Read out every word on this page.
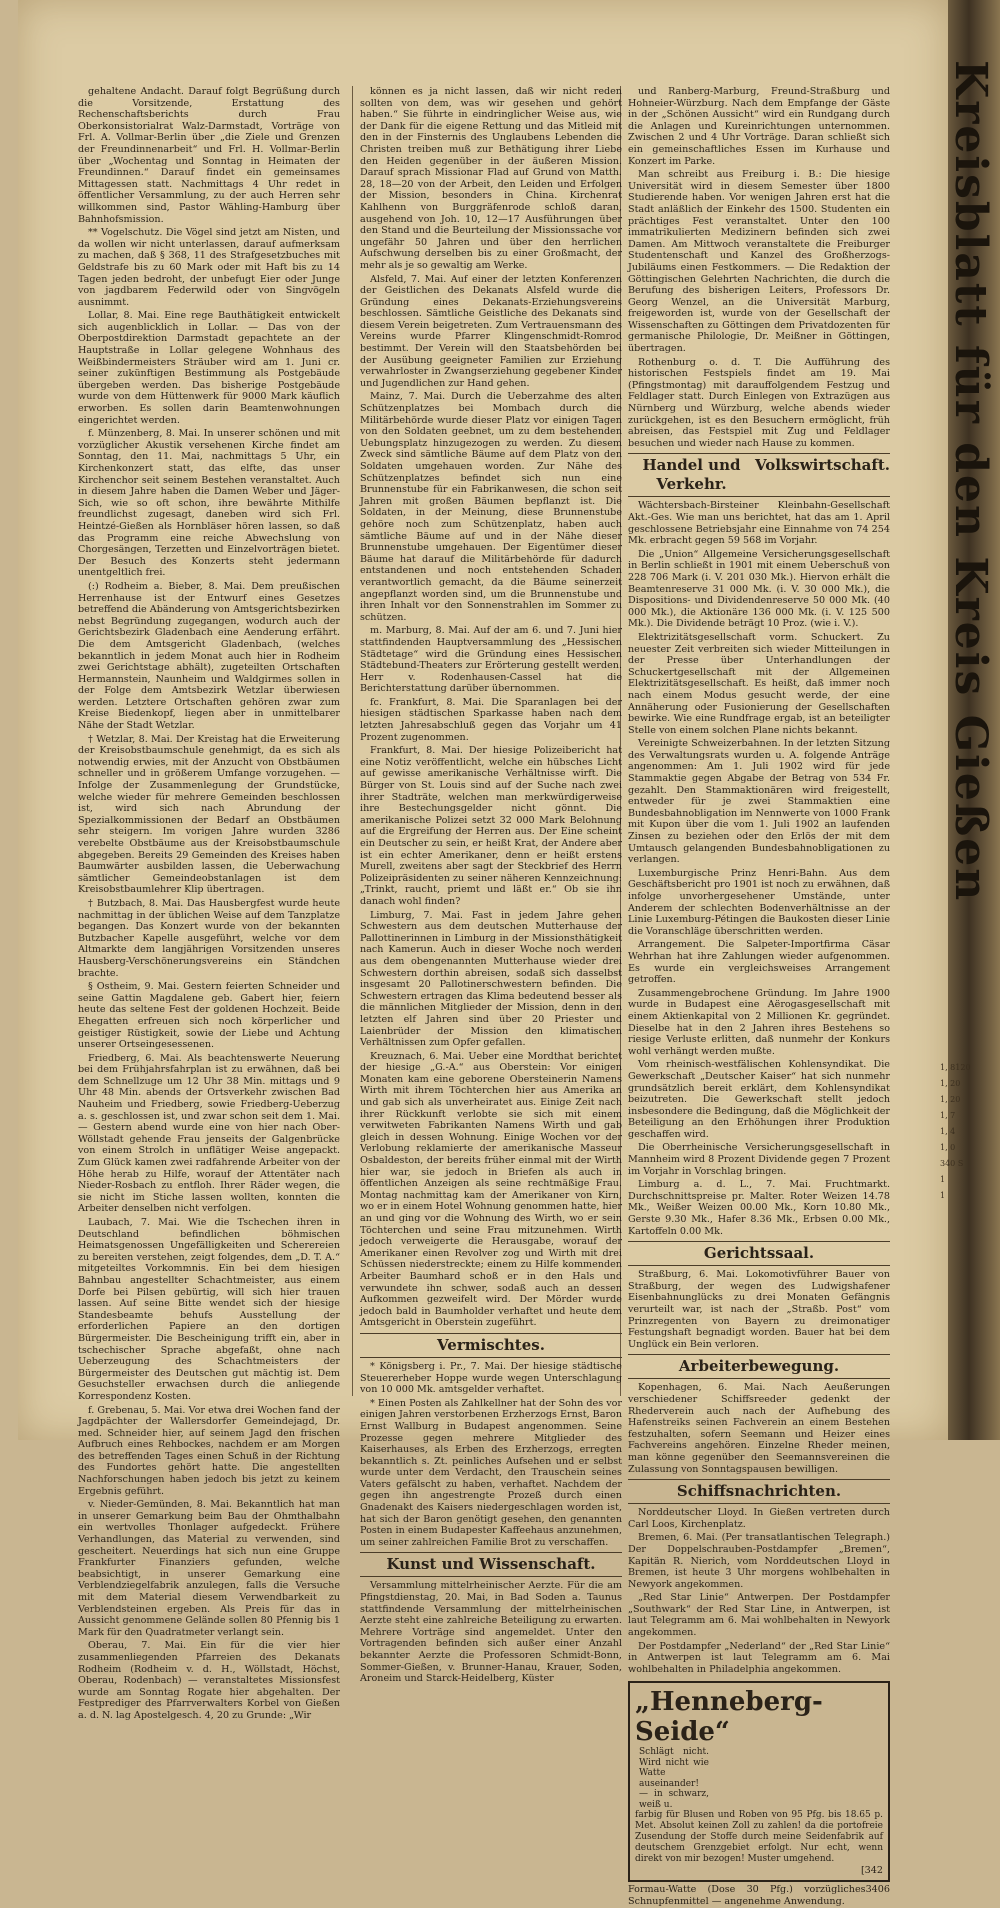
Kreisblatt für den Kreis Gießen

gehaltene Andacht. Darauf folgt Begrüßung durch die Vorsitzende, Erstattung des Rechenschaftsberichts durch Frau Oberkonsistorialrat Walz-Darmstadt, Vorträge von Frl. A. Vollmar-Berlin über „die Ziele und Grenzen der Freundinnenarbeit“ und Frl. H. Vollmar-Berlin über „Wochentag und Sonntag in Heimaten der Freundinnen.“ Darauf findet ein gemeinsames Mittagessen statt. Nachmittags 4 Uhr redet in öffentlicher Versammlung, zu der auch Herren sehr willkommen sind, Pastor Wähling-Hamburg über Bahnhofsmission.

** Vogelschutz. Die Vögel sind jetzt am Nisten, und da wollen wir nicht unterlassen, darauf aufmerksam zu machen, daß § 368, 11 des Strafgesetzbuches mit Geldstrafe bis zu 60 Mark oder mit Haft bis zu 14 Tagen jeden bedroht, der unbefugt Eier oder Junge von jagdbarem Federwild oder von Singvögeln ausnimmt.

Lollar, 8. Mai. Eine rege Bauthätigkeit entwickelt sich augenblicklich in Lollar. — Das von der Oberpostdirektion Darmstadt gepachtete an der Hauptstraße in Lollar gelegene Wohnhaus des Weißbindermeisters Sträuber wird am 1. Juni cr. seiner zukünftigen Bestimmung als Postgebäude übergeben werden. Das bisherige Postgebäude wurde von dem Hüttenwerk für 9000 Mark käuflich erworben. Es sollen darin Beamtenwohnungen eingerichtet werden.

f. Münzenberg, 8. Mai. In unserer schönen und mit vorzüglicher Akustik versehenen Kirche findet am Sonntag, den 11. Mai, nachmittags 5 Uhr, ein Kirchenkonzert statt, das elfte, das unser Kirchenchor seit seinem Bestehen veranstaltet. Auch in diesem Jahre haben die Damen Weber und Jäger-Sich, wie so oft schon, ihre bewährte Mithilfe freundlichst zugesagt, daneben wird sich Frl. Heintzé-Gießen als Hornbläser hören lassen, so daß das Programm eine reiche Abwechslung von Chorgesängen, Terzetten und Einzelvorträgen bietet. Der Besuch des Konzerts steht jedermann unentgeltlich frei.

(:) Rodheim a. Bieber, 8. Mai. Dem preußischen Herrenhause ist der Entwurf eines Gesetzes betreffend die Abänderung von Amtsgerichtsbezirken nebst Begründung zugegangen, wodurch auch der Gerichtsbezirk Gladenbach eine Aenderung erfährt. Die dem Amtsgericht Gladenbach, (welches bekanntlich in jedem Monat auch hier in Rodheim zwei Gerichtstage abhält), zugeteilten Ortschaften Hermannstein, Naunheim und Waldgirmes sollen in der Folge dem Amtsbezirk Wetzlar überwiesen werden. Letztere Ortschaften gehören zwar zum Kreise Biedenkopf, liegen aber in unmittelbarer Nähe der Stadt Wetzlar.

† Wetzlar, 8. Mai. Der Kreistag hat die Erweiterung der Kreisobstbaumschule genehmigt, da es sich als notwendig erwies, mit der Anzucht von Obstbäumen schneller und in größerem Umfange vorzugehen. — Infolge der Zusammenlegung der Grundstücke, welche wieder für mehrere Gemeinden beschlossen ist, wird sich nach Abrundung der Spezialkommissionen der Bedarf an Obstbäumen sehr steigern. Im vorigen Jahre wurden 3286 verebelte Obstbäume aus der Kreisobstbaumschule abgegeben. Bereits 29 Gemeinden des Kreises haben Baumwärter ausbilden lassen, die Ueberwachung sämtlicher Gemeindeobstanlagen ist dem Kreisobstbaumlehrer Klip übertragen.

† Butzbach, 8. Mai. Das Hausbergfest wurde heute nachmittag in der üblichen Weise auf dem Tanzplatze begangen. Das Konzert wurde von der bekannten Butzbacher Kapelle ausgeführt, welche vor dem Altmarkte dem langjährigen Vorsitzenden unseres Hausberg-Verschönerungsvereins ein Ständchen brachte.

§ Ostheim, 9. Mai. Gestern feierten Schneider und seine Gattin Magdalene geb. Gabert hier, feiern heute das seltene Fest der goldenen Hochzeit. Beide Ehegatten erfreuen sich noch körperlicher und geistiger Rüstigkeit, sowie der Liebe und Achtung unserer Ortseingesessenen.

Friedberg, 6. Mai. Als beachtenswerte Neuerung bei dem Frühjahrsfahrplan ist zu erwähnen, daß bei dem Schnellzuge um 12 Uhr 38 Min. mittags und 9 Uhr 48 Min. abends der Ortsverkehr zwischen Bad Nauheim und Friedberg, sowie Friedberg-Ueberzug a. s. geschlossen ist, und zwar schon seit dem 1. Mai. — Gestern abend wurde eine von hier nach Ober-Wöllstadt gehende Frau jenseits der Galgenbrücke von einem Strolch in unflätiger Weise angepackt. Zum Glück kamen zwei radfahrende Arbeiter von der Höhe herab zu Hilfe, worauf der Attentäter nach Nieder-Rosbach zu entfloh. Ihrer Räder wegen, die sie nicht im Stiche lassen wollten, konnten die Arbeiter denselben nicht verfolgen.

Laubach, 7. Mai. Wie die Tschechen ihren in Deutschland befindlichen böhmischen Heimatsgenossen Ungefälligkeiten und Scherereien zu bereiten verstehen, zeigt folgendes, dem „D. T. A.“ mitgeteiltes Vorkommnis. Ein bei dem hiesigen Bahnbau angestellter Schachtmeister, aus einem Dorfe bei Pilsen gebürtig, will sich hier trauen lassen. Auf seine Bitte wendet sich der hiesige Standesbeamte behufs Ausstellung der erforderlichen Papiere an den dortigen Bürgermeister. Die Bescheinigung trifft ein, aber in tschechischer Sprache abgefaßt, ohne nach Ueberzeugung des Schachtmeisters der Bürgermeister des Deutschen gut mächtig ist. Dem Gesuchsteller erwachsen durch die anliegende Korrespondenz Kosten.

f. Grebenau, 5. Mai. Vor etwa drei Wochen fand der Jagdpächter der Wallersdorfer Gemeindejagd, Dr. med. Schneider hier, auf seinem Jagd den frischen Aufbruch eines Rehbockes, nachdem er am Morgen des betreffenden Tages einen Schuß in der Richtung des Fundortes gehört hatte. Die angestellten Nachforschungen haben jedoch bis jetzt zu keinem Ergebnis geführt.

v. Nieder-Gemünden, 8. Mai. Bekanntlich hat man in unserer Gemarkung beim Bau der Ohmthalbahn ein wertvolles Thonlager aufgedeckt. Frühere Verhandlungen, das Material zu verwenden, sind gescheitert. Neuerdings hat sich nun eine Gruppe Frankfurter Finanziers gefunden, welche beabsichtigt, in unserer Gemarkung eine Verblendziegelfabrik anzulegen, falls die Versuche mit dem Material diesem Verwendbarkeit zu Verblendsteinen ergeben. Als Preis für das in Aussicht genommene Gelände sollen 80 Pfennig bis 1 Mark für den Quadratmeter verlangt sein.

Oberau, 7. Mai. Ein für die vier hier zusammenliegenden Pfarreien des Dekanats Rodheim (Rodheim v. d. H., Wöllstadt, Höchst, Oberau, Rodenbach) — veranstaltetes Missionsfest wurde am Sonntag Rogate hier abgehalten. Der Festprediger des Pfarrverwalters Korbel von Gießen a. d. N. lag Apostelgesch. 4, 20 zu Grunde: „Wir

können es ja nicht lassen, daß wir nicht reden sollten von dem, was wir gesehen und gehört haben.“ Sie führte in eindringlicher Weise aus, wie der Dank für die eigene Rettung und das Mitleid mit den in der Finsternis des Unglaubens Lebenden die Christen treiben muß zur Bethätigung ihrer Liebe den Heiden gegenüber in der äußeren Mission. Darauf sprach Missionar Flad auf Grund von Matth. 28, 18—20 von der Arbeit, den Leiden und Erfolgen der Mission, besonders in China. Kirchenrat Kahlhenn von Burggräfenrode schloß daran, ausgehend von Joh. 10, 12—17 Ausführungen über den Stand und die Beurteilung der Missionssache vor ungefähr 50 Jahren und über den herrlichen Aufschwung derselben bis zu einer Großmacht, der mehr als je so gewaltig am Werke.

Alsfeld, 7. Mai. Auf einer der letzten Konferenzen der Geistlichen des Dekanats Alsfeld wurde die Gründung eines Dekanats-Erziehungsvereins beschlossen. Sämtliche Geistliche des Dekanats sind diesem Verein beigetreten. Zum Vertrauensmann des Vereins wurde Pfarrer Klingenschmidt-Romrod bestimmt. Der Verein will den Staatsbehörden bei der Ausübung geeigneter Familien zur Erziehung verwahrloster in Zwangserziehung gegebener Kinder und Jugendlichen zur Hand gehen.

Mainz, 7. Mai. Durch die Ueberzahme des alten Schützenplatzes bei Mombach durch die Militärbehörde wurde dieser Platz vor einigen Tagen von den Soldaten geebnet, um zu dem bestehenden Uebungsplatz hinzugezogen zu werden. Zu diesem Zweck sind sämtliche Bäume auf dem Platz von den Soldaten umgehauen worden. Zur Nähe des Schützenplatzes befindet sich nun eine Brunnenstube für ein Fabrikanwesen, die schon seit Jahren mit großen Bäumen bepflanzt ist. Die Soldaten, in der Meinung, diese Brunnenstube gehöre noch zum Schützenplatz, haben auch sämtliche Bäume auf und in der Nähe dieser Brunnenstube umgehauen. Der Eigentümer dieser Bäume hat darauf die Militärbehörde für dadurch entstandenen und noch entstehenden Schaden verantwortlich gemacht, da die Bäume seinerzeit angepflanzt worden sind, um die Brunnenstube und ihren Inhalt vor den Sonnenstrahlen im Sommer zu schützen.

m. Marburg, 8. Mai. Auf der am 6. und 7. Juni hier stattfindenden Hauptversammlung des „Hessischen Städtetage“ wird die Gründung eines Hessischen Städtebund-Theaters zur Erörterung gestellt werden. Herr v. Rodenhausen-Cassel hat die Berichterstattung darüber übernommen.

fc. Frankfurt, 8. Mai. Die Sparanlagen bei der hiesigen städtischen Sparkasse haben nach dem letzten Jahresabschluß gegen das Vorjahr um 41 Prozent zugenommen.

Frankfurt, 8. Mai. Der hiesige Polizeibericht hat eine Notiz veröffentlicht, welche ein hübsches Licht auf gewisse amerikanische Verhältnisse wirft. Die Bürger von St. Louis sind auf der Suche nach zwei ihrer Stadträte, welchen man merkwürdigerweise ihre Bestechungsgelder nicht gönnt. Die amerikanische Polizei setzt 32 000 Mark Belohnung auf die Ergreifung der Herren aus. Der Eine scheint ein Deutscher zu sein, er heißt Krat, der Andere aber ist ein echter Amerikaner, denn er heißt erstens Murell, zweitens aber sagt der Steckbrief des Herrn Polizeipräsidenten zu seiner näheren Kennzeichnung: „Trinkt, raucht, priemt und läßt er.“ Ob sie ihn danach wohl finden?

Limburg, 7. Mai. Fast in jedem Jahre gehen Schwestern aus dem deutschen Mutterhause der Pallottinerinnen in Limburg in der Missionsthätigkeit nach Kamerun. Auch in dieser Woche noch werden aus dem obengenannten Mutterhause wieder drei Schwestern dorthin abreisen, sodaß sich dasselbst insgesamt 20 Pallotinerschwestern befinden. Die Schwestern ertragen das Klima bedeutend besser als die männlichen Mitglieder der Mission, denn in den letzten elf Jahren sind über 20 Priester und Laienbrüder der Mission den klimatischen Verhältnissen zum Opfer gefallen.

Kreuznach, 6. Mai. Ueber eine Mordthat berichtet der hiesige „G.-A.“ aus Oberstein: Vor einigen Monaten kam eine geborene Obersteinerin Namens Wirth mit ihrem Töchterchen hier aus Amerika an und gab sich als unverheiratet aus. Einige Zeit nach ihrer Rückkunft verlobte sie sich mit einem verwitweten Fabrikanten Namens Wirth und gab gleich in dessen Wohnung. Einige Wochen vor der Verlobung reklamierte der amerikanische Masseur Osbaldeston, der bereits früher einmal mit der Wirth hier war, sie jedoch in Briefen als auch in öffentlichen Anzeigen als seine rechtmäßige Frau. Montag nachmittag kam der Amerikaner von Kirn, wo er in einem Hotel Wohnung genommen hatte, hier an und ging vor die Wohnung des Wirth, wo er sein Töchterchen und seine Frau mitzunehmen. Wirth jedoch verweigerte die Herausgabe, worauf der Amerikaner einen Revolver zog und Wirth mit drei Schüssen niederstreckte; einem zu Hilfe kommenden Arbeiter Baumhard schoß er in den Hals und verwundete ihn schwer, sodaß auch an dessen Aufkommen gezweifelt wird. Der Mörder wurde jedoch bald in Baumholder verhaftet und heute dem Amtsgericht in Oberstein zugeführt.

Vermischtes.

* Königsberg i. Pr., 7. Mai. Der hiesige städtische Steuererheber Hoppe wurde wegen Unterschlagung von 10 000 Mk. amtsgelder verhaftet.

* Einen Posten als Zahlkellner hat der Sohn des vor einigen Jahren verstorbenen Erzherzogs Ernst, Baron Ernst Wallburg in Budapest angenommen. Seine Prozesse gegen mehrere Mitglieder des Kaiserhauses, als Erben des Erzherzogs, erregten bekanntlich s. Zt. peinliches Aufsehen und er selbst wurde unter dem Verdacht, den Trauschein seines Vaters gefälscht zu haben, verhaftet. Nachdem der gegen ihn angestrengte Prozeß durch einen Gnadenakt des Kaisers niedergeschlagen worden ist, hat sich der Baron genötigt gesehen, den genannten Posten in einem Budapester Kaffeehaus anzunehmen, um seiner zahlreichen Familie Brot zu verschaffen.

Kunst und Wissenschaft.

Versammlung mittelrheinischer Aerzte. Für die am Pfingstdienstag, 20. Mai, in Bad Soden a. Taunus stattfindende Versammlung der mittelrheinischen Aerzte steht eine zahlreiche Beteiligung zu erwarten. Mehrere Vorträge sind angemeldet. Unter den Vortragenden befinden sich außer einer Anzahl bekannter Aerzte die Professoren Schmidt-Bonn, Sommer-Gießen, v. Brunner-Hanau, Krauer, Soden, Aroneim und Starck-Heidelberg, Küster

und Ranberg-Marburg, Freund-Straßburg und Hohneier-Würzburg. Nach dem Empfange der Gäste in der „Schönen Aussicht“ wird ein Rundgang durch die Anlagen und Kureinrichtungen unternommen. Zwischen 2 und 4 Uhr Vorträge. Daran schließt sich ein gemeinschaftliches Essen im Kurhause und Konzert im Parke.

Man schreibt aus Freiburg i. B.: Die hiesige Universität wird in diesem Semester über 1800 Studierende haben. Vor wenigen Jahren erst hat die Stadt anläßlich der Einkehr des 1500. Studenten ein prächtiges Fest veranstaltet. Unter den 100 immatrikulierten Medizinern befinden sich zwei Damen. Am Mittwoch veranstaltete die Freiburger Studentenschaft und Kanzel des Großherzogs-Jubiläums einen Festkommers. — Die Redaktion der Göttingischen Gelehrten Nachrichten, die durch die Berufung des bisherigen Leiters, Professors Dr. Georg Wenzel, an die Universität Marburg, freigeworden ist, wurde von der Gesellschaft der Wissenschaften zu Göttingen dem Privatdozenten für germanische Philologie, Dr. Meißner in Göttingen, übertragen.

Rothenburg o. d. T. Die Aufführung des historischen Festspiels findet am 19. Mai (Pfingstmontag) mit darauffolgendem Festzug und Feldlager statt. Durch Einlegen von Extrazügen aus Nürnberg und Würzburg, welche abends wieder zurückgehen, ist es den Besuchern ermöglicht, früh abreisen, das Festspiel mit Zug und Feldlager besuchen und wieder nach Hause zu kommen.

Handel und Verkehr.
Volkswirtschaft.

Wächtersbach-Birsteiner Kleinbahn-Gesellschaft Akt.-Ges. Wie man uns berichtet, hat das am 1. April geschlossene Betriebsjahr eine Einnahme von 74 254 Mk. erbracht gegen 59 568 im Vorjahr.

Die „Union“ Allgemeine Versicherungsgesellschaft in Berlin schließt in 1901 mit einem Ueberschuß von 228 706 Mark (i. V. 201 030 Mk.). Hiervon erhält die Beamtenreserve 31 000 Mk. (i. V. 30 000 Mk.), die Dispositions- und Dividendenreserve 50 000 Mk. (40 000 Mk.), die Aktionäre 136 000 Mk. (i. V. 125 500 Mk.). Die Dividende beträgt 10 Proz. (wie i. V.).

Elektrizitätsgesellschaft vorm. Schuckert. Zu neuester Zeit verbreiten sich wieder Mitteilungen in der Presse über Unterhandlungen der Schuckertgesellschaft mit der Allgemeinen Elektrizitätsgesellschaft. Es heißt, daß immer noch nach einem Modus gesucht werde, der eine Annäherung oder Fusionierung der Gesellschaften bewirke. Wie eine Rundfrage ergab, ist an beteiligter Stelle von einem solchen Plane nichts bekannt.

Vereinigte Schweizerbahnen. In der letzten Sitzung des Verwaltungsrats wurden u. A. folgende Anträge angenommen: Am 1. Juli 1902 wird für jede Stammaktie gegen Abgabe der Betrag von 534 Fr. gezahlt. Den Stammaktionären wird freigestellt, entweder für je zwei Stammaktien eine Bundesbahnobligation im Nennwerte von 1000 Frank mit Kupon über die vom 1. Juli 1902 an laufenden Zinsen zu beziehen oder den Erlös der mit dem Umtausch gelangenden Bundesbahnobligationen zu verlangen.

Luxemburgische Prinz Henri-Bahn. Aus dem Geschäftsbericht pro 1901 ist noch zu erwähnen, daß infolge unvorhergesehener Umstände, unter Anderem der schlechten Bodenverhältnisse an der Linie Luxemburg-Pétingen die Baukosten dieser Linie die Voranschläge überschritten werden.

Arrangement. Die Salpeter-Importfirma Cäsar Wehrhan hat ihre Zahlungen wieder aufgenommen. Es wurde ein vergleichsweises Arrangement getroffen.

Zusammengebrochene Gründung. Im Jahre 1900 wurde in Budapest eine Aërogasgesellschaft mit einem Aktienkapital von 2 Millionen Kr. gegründet. Dieselbe hat in den 2 Jahren ihres Bestehens so riesige Verluste erlitten, daß nunmehr der Konkurs wohl verhängt werden mußte.

Vom rheinisch-westfälischen Kohlensyndikat. Die Gewerkschaft „Deutscher Kaiser“ hat sich nunmehr grundsätzlich bereit erklärt, dem Kohlensyndikat beizutreten. Die Gewerkschaft stellt jedoch insbesondere die Bedingung, daß die Möglichkeit der Beteiligung an den Erhöhungen ihrer Produktion geschaffen wird.

Die Oberrheinische Versicherungsgesellschaft in Mannheim wird 8 Prozent Dividende gegen 7 Prozent im Vorjahr in Vorschlag bringen.

Limburg a. d. L., 7. Mai. Fruchtmarkt. Durchschnittspreise pr. Malter. Roter Weizen 14.78 Mk., Weißer Weizen 00.00 Mk., Korn 10.80 Mk., Gerste 9.30 Mk., Hafer 8.36 Mk., Erbsen 0.00 Mk., Kartoffeln 0.00 Mk.

Gerichtssaal.

Straßburg, 6. Mai. Lokomotivführer Bauer von Straßburg, der wegen des Ludwigshafener Eisenbahnunglücks zu drei Monaten Gefängnis verurteilt war, ist nach der „Straßb. Post“ vom Prinzregenten von Bayern zu dreimonatiger Festungshaft begnadigt worden. Bauer hat bei dem Unglück ein Bein verloren.

Arbeiterbewegung.

Kopenhagen, 6. Mai. Nach Aeußerungen verschiedener Schiffsreeder gedenkt der Rhederverein auch nach der Aufhebung des Hafenstreiks seinen Fachverein an einem Bestehen festzuhalten, sofern Seemann und Heizer eines Fachvereins angehören. Einzelne Rheder meinen, man könne gegenüber den Seemannsvereinen die Zulassung von Sonntagspausen bewilligen.

Schiffsnachrichten.

Norddeutscher Lloyd. In Gießen vertreten durch Carl Loos, Kirchenplatz.

Bremen, 6. Mai. (Per transatlantischen Telegraph.) Der Doppelschrauben-Postdampfer „Bremen“, Kapitän R. Nierich, vom Norddeutschen Lloyd in Bremen, ist heute 3 Uhr morgens wohlbehalten in Newyork angekommen.

„Red Star Linie“ Antwerpen. Der Postdampfer „Southwark“ der Red Star Line, in Antwerpen, ist laut Telegramm am 6. Mai wohlbehalten in Newyork angekommen.

Der Postdampfer „Nederland“ der „Red Star Linie“ in Antwerpen ist laut Telegramm am 6. Mai wohlbehalten in Philadelphia angekommen.

„Henneberg-Seide“ Schlägt nicht. Wird nicht wie Watte auseinander! — in schwarz, weiß u.
farbig für Blusen und Roben von 95 Pfg. bis 18.65 p. Met. Absolut keinen Zoll zu zahlen! da die portofreie Zusendung der Stoffe durch meine Seidenfabrik auf deutschem Grenzgebiet erfolgt. Nur echt, wenn direkt von mir bezogen! Muster umgehend.
[342
Formau-Watte (Dose 30 Pfg.) vorzügliches Schnupfenmittel — angenehme Anwendung.
3406
1, 8120
1, 20
1, 20
1, 7
1, 4
1, 0
340 S
1
1
